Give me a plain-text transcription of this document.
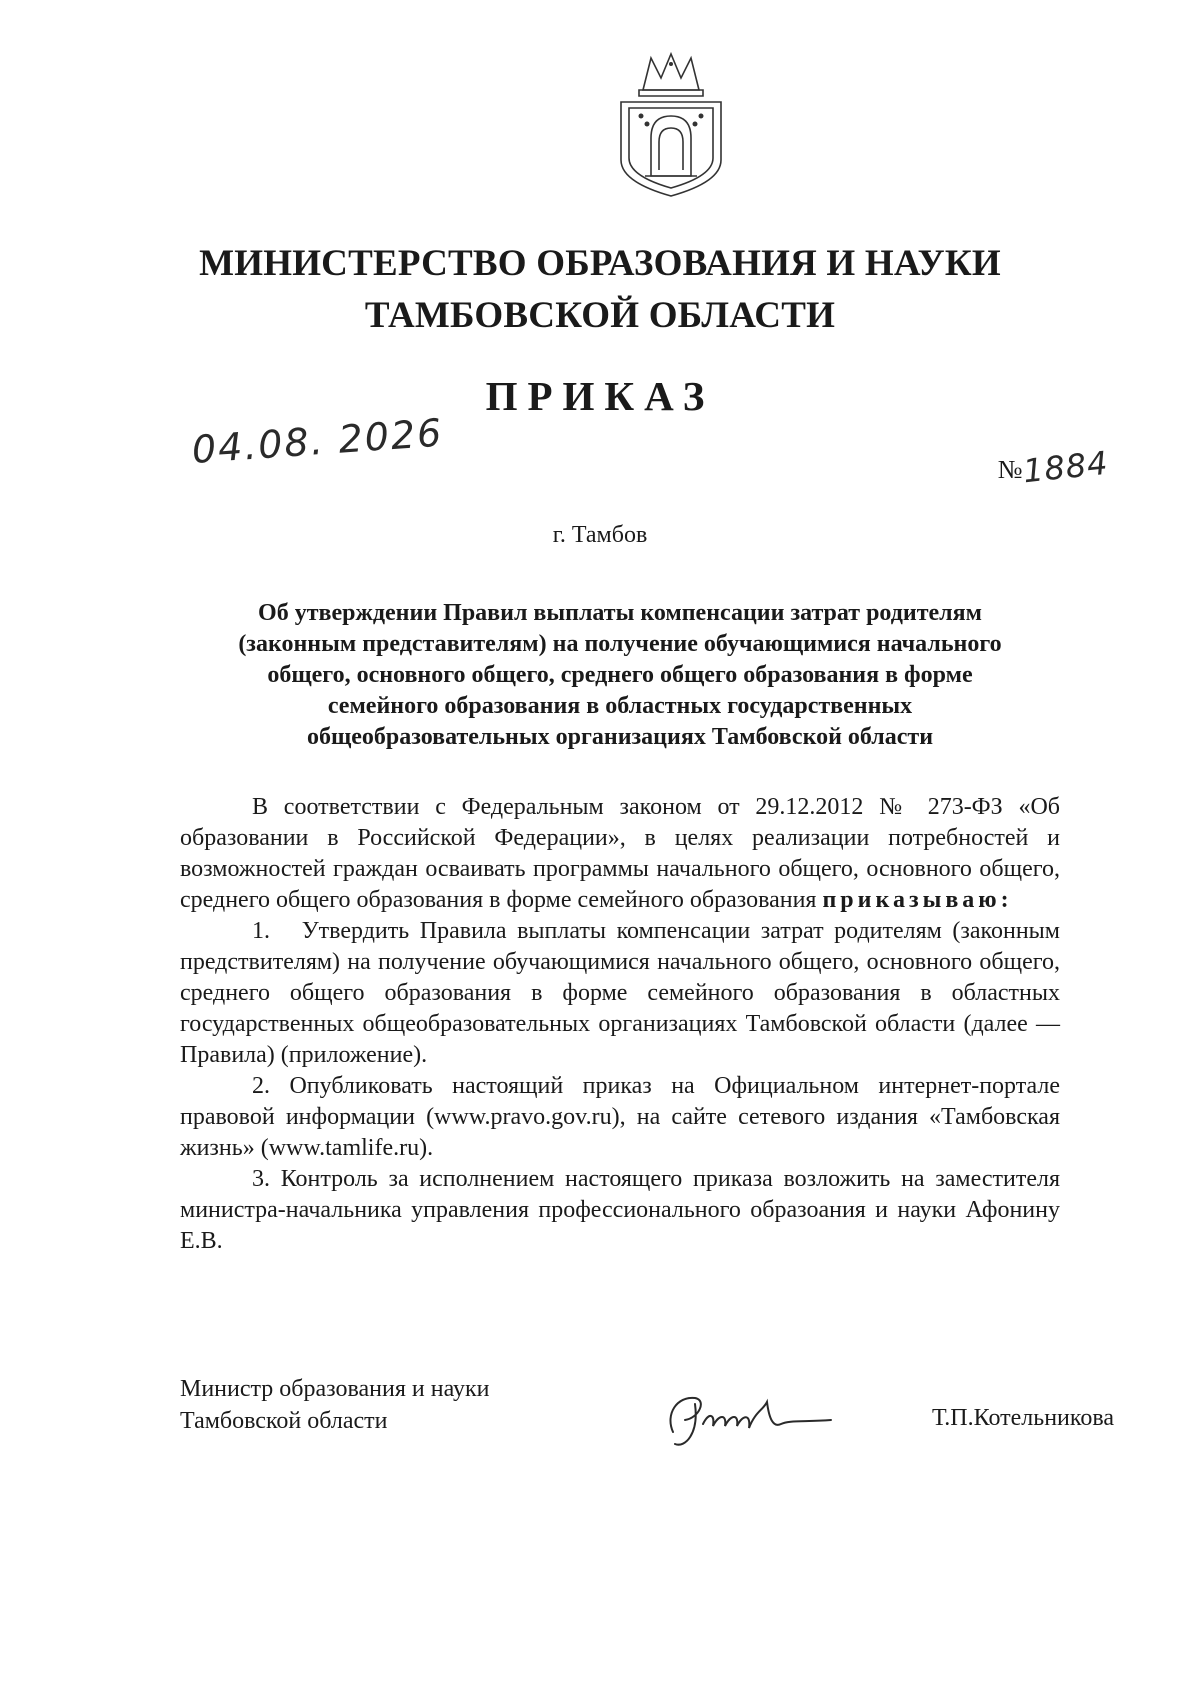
МИНИСТЕРСТВО ОБРАЗОВАНИЯ И НАУКИ
ТАМБОВСКОЙ ОБЛАСТИ
ПРИКАЗ
04.08. 2026	№1884
г. Тамбов
Об утверждении Правил выплаты компенсации затрат родителям
(законным представителям) на получение обучающимися начального
общего, основного общего, среднего общего образования в форме
семейного образования в областных государственных
общеобразовательных организациях Тамбовской области

В соответствии с Федеральным законом от 29.12.2012 № 273-ФЗ «Об образовании в Российской Федерации», в целях реализации потребностей и возможностей граждан осваивать программы начального общего, основного общего, среднего общего образования в форме семейного образования приказываю:

1.   Утвердить Правила выплаты компенсации затрат родителям (законным предствителям) на получение обучающимися начального общего, основного общего, среднего общего образования в форме семейного образования в областных государственных общеобразовательных организациях Тамбовской области (далее — Правила) (приложение).

2. Опубликовать настоящий приказ на Официальном интернет-портале правовой информации (www.pravo.gov.ru), на сайте сетевого издания «Тамбовская жизнь» (www.tamlife.ru).

3. Контроль за исполнением настоящего приказа возложить на заместителя министра-начальника управления профессионального образоания и науки Афонину Е.В.

Министр образования и науки
Тамбовской области	Т.П.Котельникова
